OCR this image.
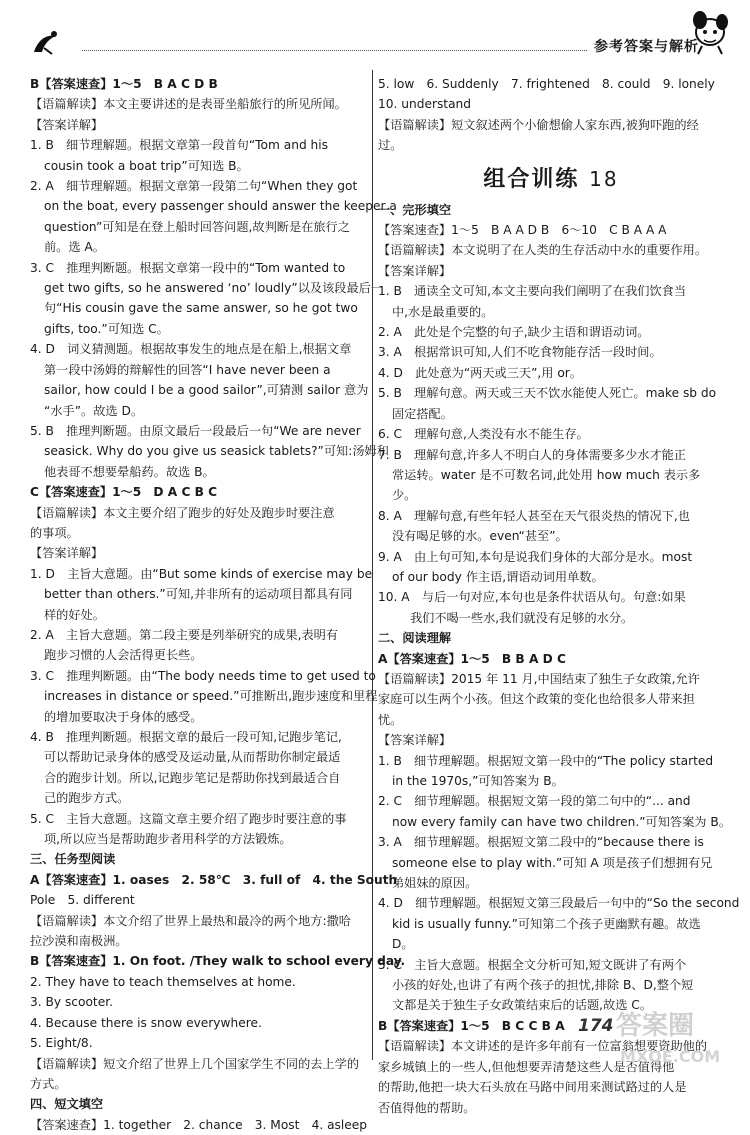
参考答案与解析
B【答案速查】1～5　B A C D B
【语篇解读】本文主要讲述的是表哥坐船旅行的所见所闻。
【答案详解】
1. B　细节理解题。根据文章第一段首句“Tom and his
cousin took a boat trip”可知选 B。
2. A　细节理解题。根据文章第一段第二句“When they got
on the boat, every passenger should answer the keeper a
question”可知是在登上船时回答问题,故判断是在旅行之
前。选 A。
3. C　推理判断题。根据文章第一段中的“Tom wanted to
get two gifts, so he answered ‘no’ loudly”以及该段最后一
句“His cousin gave the same answer, so he got two
gifts, too.”可知选 C。
4. D　词义猜测题。根据故事发生的地点是在船上,根据文章
第一段中汤姆的辩解性的回答“I have never been a
sailor, how could I be a good sailor”,可猜测 sailor 意为
“水手”。故选 D。
5. B　推理判断题。由原文最后一段最后一句“We are never
seasick. Why do you give us seasick tablets?”可知:汤姆和
他表哥不想要晕船药。故选 B。
C【答案速查】1～5　D A C B C
【语篇解读】本文主要介绍了跑步的好处及跑步时要注意
的事项。
【答案详解】
1. D　主旨大意题。由“But some kinds of exercise may be
better than others.”可知,并非所有的运动项目都具有同
样的好处。
2. A　主旨大意题。第二段主要是列举研究的成果,表明有
跑步习惯的人会活得更长些。
3. C　推理判断题。由“The body needs time to get used to
increases in distance or speed.”可推断出,跑步速度和里程
的增加要取决于身体的感受。
4. B　推理判断题。根据文章的最后一段可知,记跑步笔记,
可以帮助记录身体的感受及运动量,从而帮助你制定最适
合的跑步计划。所以,记跑步笔记是帮助你找到最适合自
己的跑步方式。
5. C　主旨大意题。这篇文章主要介绍了跑步时要注意的事
项,所以应当是帮助跑步者用科学的方法锻炼。
三、任务型阅读
A【答案速查】1. oases　2. 58℃　3. full of　4. the South
Pole　5. different
【语篇解读】本文介绍了世界上最热和最冷的两个地方:撒哈
拉沙漠和南极洲。
B【答案速查】1. On foot. /They walk to school every day.
2. They have to teach themselves at home.
3. By scooter.
4. Because there is snow everywhere.
5. Eight/8.
【语篇解读】短文介绍了世界上几个国家学生不同的去上学的
方式。
四、短文填空
【答案速查】1. together　2. chance　3. Most　4. asleep
5. low　6. Suddenly　7. frightened　8. could　9. lonely
10. understand
【语篇解读】短文叙述两个小偷想偷人家东西,被狗吓跑的经
过。
组合训练 18
一、完形填空
【答案速查】1～5　B A A D B　6～10　C B A A A
【语篇解读】本文说明了在人类的生存活动中水的重要作用。
【答案详解】
1. B　通读全文可知,本文主要向我们阐明了在我们饮食当
中,水是最重要的。
2. A　此处是个完整的句子,缺少主语和谓语动词。
3. A　根据常识可知,人们不吃食物能存活一段时间。
4. D　此处意为“两天或三天”,用 or。
5. B　理解句意。两天或三天不饮水能使人死亡。make sb do
固定搭配。
6. C　理解句意,人类没有水不能生存。
7. B　理解句意,许多人不明白人的身体需要多少水才能正
常运转。water 是不可数名词,此处用 how much 表示多
少。
8. A　理解句意,有些年轻人甚至在天气很炎热的情况下,也
没有喝足够的水。even“甚至”。
9. A　由上句可知,本句是说我们身体的大部分是水。most
of our body 作主语,谓语动词用单数。
10. A　与后一句对应,本句也是条件状语从句。句意:如果
我们不喝一些水,我们就没有足够的水分。
二、阅读理解
A【答案速查】1～5　B B A D C
【语篇解读】2015 年 11 月,中国结束了独生子女政策,允许
家庭可以生两个小孩。但这个政策的变化也给很多人带来担
忧。
【答案详解】
1. B　细节理解题。根据短文第一段中的“The policy started
in the 1970s,”可知答案为 B。
2. C　细节理解题。根据短文第一段的第二句中的“... and
now every family can have two children.”可知答案为 B。
3. A　细节理解题。根据短文第二段中的“because there is
someone else to play with.”可知 A 项是孩子们想拥有兄
弟姐妹的原因。
4. D　细节理解题。根据短文第三段最后一句中的“So the second
kid is usually funny.”可知第二个孩子更幽默有趣。故选
D。
5. C　主旨大意题。根据全文分析可知,短文既讲了有两个
小孩的好处,也讲了有两个孩子的担忧,排除 B、D,整个短
文都是关于独生子女政策结束后的话题,故选 C。
B【答案速查】1～5　B C C B A
【语篇解读】本文讲述的是许多年前有一位富翁想要资助他的
家乡城镇上的一些人,但他想要弄清楚这些人是否值得他
的帮助,他把一块大石头放在马路中间用来测试路过的人是
否值得他的帮助。
174 答案圈
MXQE.COM
